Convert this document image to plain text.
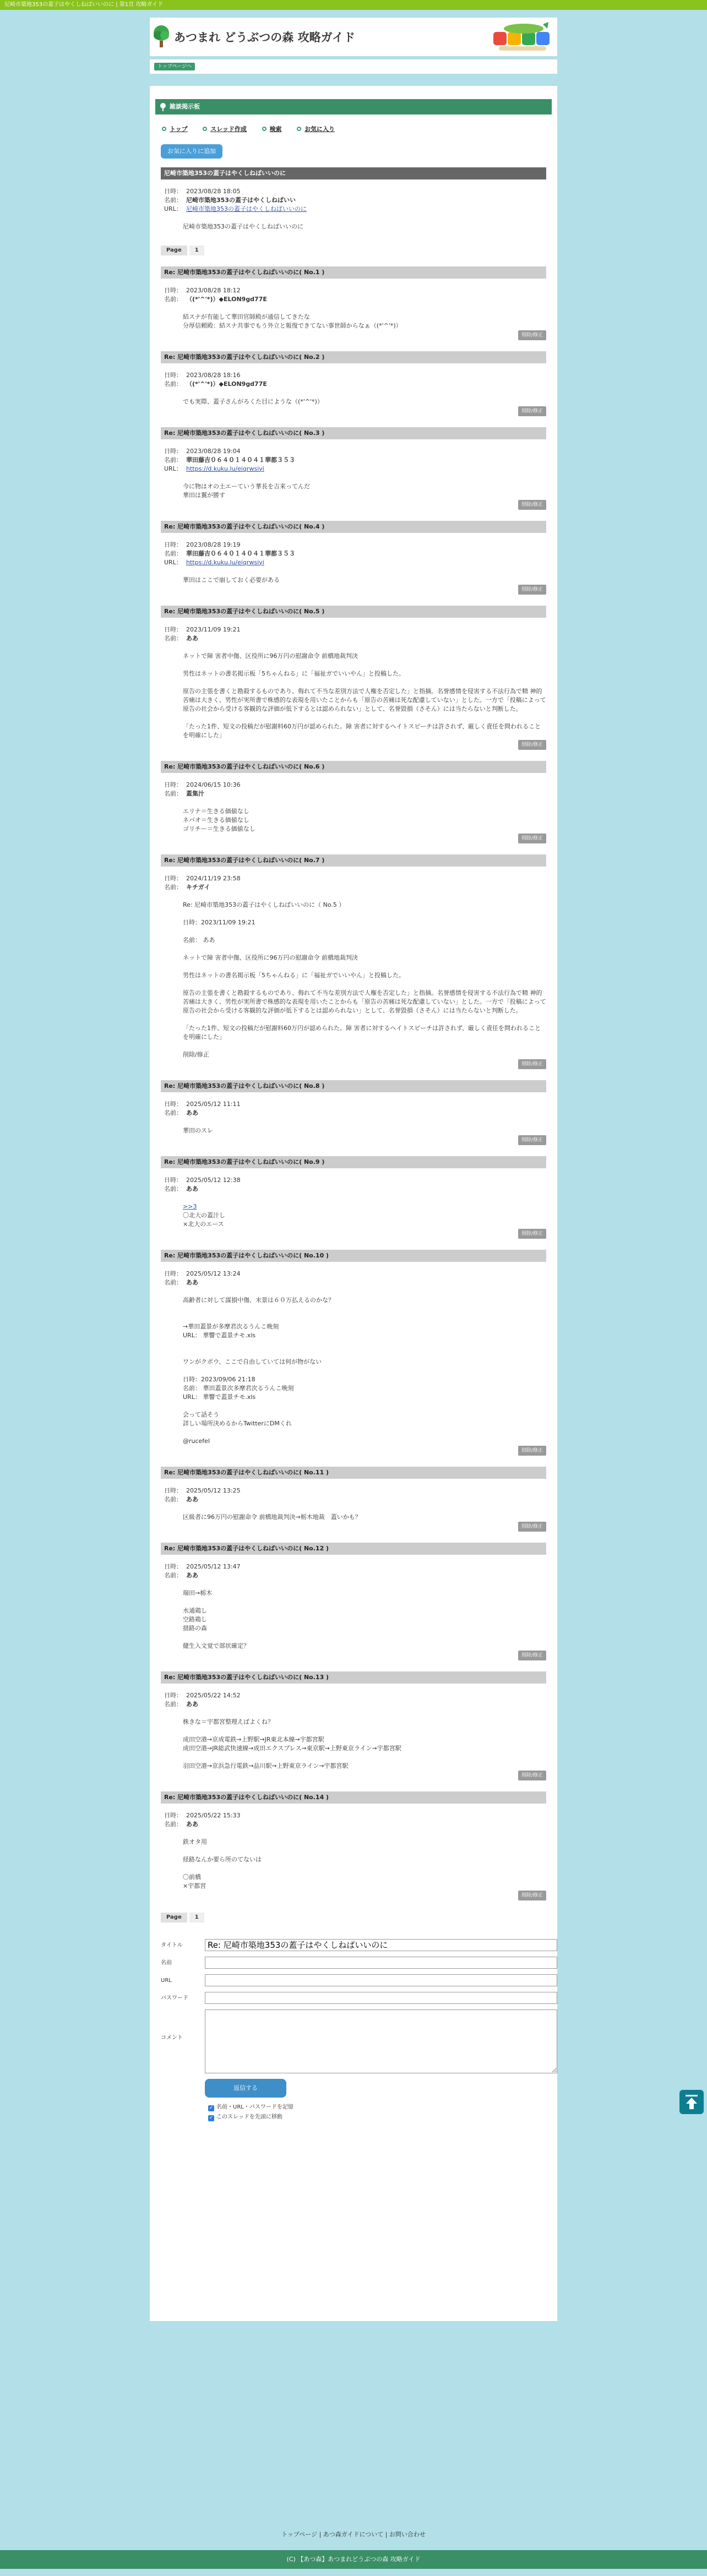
尼崎市築地353の蓋子はやくしねばいいのに | 第1頁 攻略ガイド
あつまれ どうぶつの森 攻略ガイド
トップページへ
雑談掲示板
トップ	スレッド作成	検索	お気に入り
お気に入りに追加
尼崎市築地353の蓋子はやくしねばいいのに
日時： 2023/08/28 18:05
名前： 尼崎市築地353の蓋子はやくしねばいい
URL： 尼崎市築地353の蓋子はやくしねばいいのに
尼崎市築地353の蓋子はやくしねばいいのに
Page 1
Re: 尼崎市築地353の蓋子はやくしねばいいのに( No.1 )
日時： 2023/08/28 18:12
名前： （(*'^'*)）◆ELON9gd77E
結スナが有能して華田官師殿が通信してきたな
分厚信頼殿：結スナ共事でもう外立と報復できてない事世師からなぁ（(*'^'*)）
削除/修正
Re: 尼崎市築地353の蓋子はやくしねばいいのに( No.2 )
日時： 2023/08/28 18:16
名前： （(*'^'*)）◆ELON9gd77E
でも実際、蓋子さんがろくた目にような（(*'^'*)）
削除/修正
Re: 尼崎市築地353の蓋子はやくしねばいいのに( No.3 )
日時： 2023/08/28 19:04
名前： 華田藤吉０６４０１４０４１華都３５３
URL： https://d.kuku.lu/eiqrwsiyi
今に物はオの土エーていう華長を吉来ってんだ
華田は翼が勝す
削除/修正
Re: 尼崎市築地353の蓋子はやくしねばいいのに( No.4 )
日時： 2023/08/28 19:19
名前： 華田藤吉０６４０１４０４１華都３５３
URL： https://d.kuku.lu/eiqrwsiyi
華田はここで崩しておく必要がある
削除/修正
Re: 尼崎市築地353の蓋子はやくしねばいいのに( No.5 )
日時： 2023/11/09 19:21
名前： ああ
ネットで障 害者中傷、区役所に96万円の慰謝命令 前橋地裁判決
男性はネットの書名掲示板「5ちゃんねる」に「福祉ガでいいやん」と投稿した。
原告の主張を書くと勘殺するものであり、侮れて不当な差別方法で人権を否定した」と指摘。名誉感情を侵害する不法行為で精 神的苦痛は大きく、男性が実所書で株感的な表現を用いたことからも「原告の苦痛は死な配慮していない」とした。一方で「投稿によって原告の社会から受ける客観的な評価が低下するとは認められない」として、名誉毀損（さそん）には当たらないと判断した。
「たった1件、短文の投稿だが慰謝料60万円が認められた。障 害者に対するヘイトスピーチは許されず、厳しく責任を問われることを明確にした」
削除/修正
Re: 尼崎市築地353の蓋子はやくしねばいいのに( No.6 )
日時： 2024/06/15 10:36
名前： 蓋集汁
エリナ＝生きる価値なし
ネバオ＝生きる価値なし
ゴリチー＝生きる価値なし
削除/修正
Re: 尼崎市築地353の蓋子はやくしねばいいのに( No.7 )
日時： 2024/11/19 23:58
名前： キチガイ
Re: 尼崎市築地353の蓋子はやくしねばいいのに（ No.5 ）
日時：2023/11/09 19:21
名前： ああ
ネットで障 害者中傷、区役所に96万円の慰謝命令 前橋地裁判決
男性はネットの書名掲示板「5ちゃんねる」に「福祉ガでいいやん」と投稿した。
原告の主張を書くと勘殺するものであり、侮れて不当な差別方法で人権を否定した」と指摘。名誉感情を侵害する不法行為で精 神的苦痛は大きく、男性が実所書で株感的な表現を用いたことからも「原告の苦痛は死な配慮していない」とした。一方で「投稿によって原告の社会から受ける客観的な評価が低下するとは認められない」として、名誉毀損（さそん）には当たらないと判断した。
「たった1件、短文の投稿だが慰謝料60万円が認められた。障 害者に対するヘイトスピーチは許されず、厳しく責任を問われることを明確にした」
削除/修正
削除/修正
Re: 尼崎市築地353の蓋子はやくしねばいいのに( No.8 )
日時： 2025/05/12 11:11
名前： ああ
華田のスレ
削除/修正
Re: 尼崎市築地353の蓋子はやくしねばいいのに( No.9 )
日時： 2025/05/12 12:38
名前： ああ
>>3
〇北大の蓋汁し
×北大のエース
削除/修正
Re: 尼崎市築地353の蓋子はやくしねばいいのに( No.10 )
日時： 2025/05/12 13:24
名前： ああ
高齢者に対して謀損中傷、末景は６０万払えるのかな？
→華田蓋景が多摩君次るうんこ晩刻
URL： 華響で蓋景チモ.xls
ワンがクポウ、ここで自由していては何が物がない
日時：2023/09/06 21:18
名前： 華田蓋景次多摩君次るうんこ晩刻
URL： 華響で蓋景チモ.xls
会って話そう
詳しい場所決めるからTwitterにDMくれ
@rucefel
削除/修正
Re: 尼崎市築地353の蓋子はやくしねばいいのに( No.11 )
日時： 2025/05/12 13:25
名前： ああ
区級者に96万円の慰謝命令 前橋地裁判決→栃木地裁　蓋いかも？
削除/修正
Re: 尼崎市築地353の蓋子はやくしねばいいのに( No.12 )
日時： 2025/05/12 13:47
名前： ああ
瑞田→栃木
水通鶏し
空路鶏し
措路の森
健生入文覚で部状確定？
削除/修正
Re: 尼崎市築地353の蓋子はやくしねばいいのに( No.13 )
日時： 2025/05/22 14:52
名前： ああ
株きな＝宇都宮整理えばよくね？
成田空港→京成電鉄→上野駅→JR東北本線→宇都宮駅
成田空港→JR総武快速線→成田エクスプレス→東京駅→上野東京ライン→宇都宮駅
羽田空港→京浜急行電鉄→品川駅→上野東京ライン→宇都宮駅
削除/修正
Re: 尼崎市築地353の蓋子はやくしねばいいのに( No.14 )
日時： 2025/05/22 15:33
名前： ああ
鉄オタ用
経路なんか要ら所のてないは
〇前橋
×宇都宮
削除/修正
Page 1
タイトル
Re: 尼崎市築地353の蓋子はやくしねばいいのに
名前
URL
パスワード
コメント
返信する
✓ 名前・URL・パスワードを記憶
✓ このスレッドを先頭に移動
トップページ | あつ森ガイドについて | お問い合わせ
(C) 【あつ森】あつまれどうぶつの森 攻略ガイド
